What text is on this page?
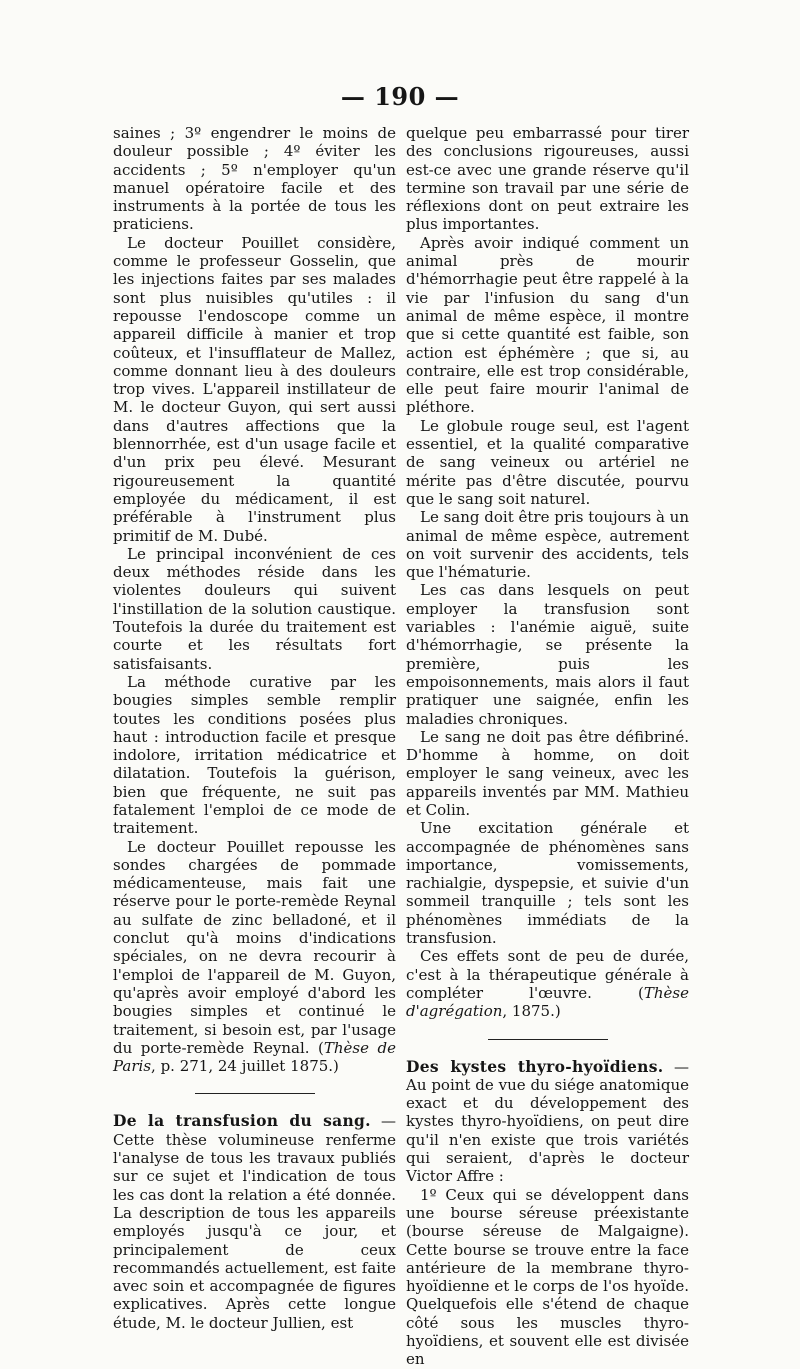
— 190 —

saines ; 3º engendrer le moins de douleur possible ; 4º éviter les accidents ; 5º n'employer qu'un manuel opératoire facile et des instruments à la portée de tous les praticiens.

Le docteur Pouillet considère, comme le professeur Gosselin, que les injections faites par ses malades sont plus nuisibles qu'utiles : il repousse l'endoscope comme un appareil difficile à manier et trop coûteux, et l'insufflateur de Mallez, comme donnant lieu à des douleurs trop vives. L'appareil instillateur de M. le docteur Guyon, qui sert aussi dans d'autres affections que la blennorrhée, est d'un usage facile et d'un prix peu élevé. Mesurant rigoureusement la quantité employée du médicament, il est préférable à l'instrument plus primitif de M. Dubé.

Le principal inconvénient de ces deux méthodes réside dans les violentes douleurs qui suivent l'instillation de la solution caustique. Toutefois la durée du traitement est courte et les résultats fort satisfaisants.

La méthode curative par les bougies simples semble remplir toutes les conditions posées plus haut : introduction facile et presque indolore, irritation médicatrice et dilatation. Toutefois la guérison, bien que fréquente, ne suit pas fatalement l'emploi de ce mode de traitement.

Le docteur Pouillet repousse les sondes chargées de pommade médicamenteuse, mais fait une réserve pour le porte-remède Reynal au sulfate de zinc belladoné, et il conclut qu'à moins d'indications spéciales, on ne devra recourir à l'emploi de l'appareil de M. Guyon, qu'après avoir employé d'abord les bougies simples et continué le traitement, si besoin est, par l'usage du porte-remède Reynal. (Thèse de Paris, p. 271, 24 juillet 1875.)

De la transfusion du sang. — Cette thèse volumineuse renferme l'analyse de tous les travaux publiés sur ce sujet et l'indication de tous les cas dont la relation a été donnée. La description de tous les appareils employés jusqu'à ce jour, et principalement de ceux recommandés actuellement, est faite avec soin et accompagnée de figures explicatives. Après cette longue étude, M. le docteur Jullien, est

quelque peu embarrassé pour tirer des conclusions rigoureuses, aussi est-ce avec une grande réserve qu'il termine son travail par une série de réflexions dont on peut extraire les plus importantes.

Après avoir indiqué comment un animal près de mourir d'hémorrhagie peut être rappelé à la vie par l'infusion du sang d'un animal de même espèce, il montre que si cette quantité est faible, son action est éphémère ; que si, au contraire, elle est trop considérable, elle peut faire mourir l'animal de pléthore.

Le globule rouge seul, est l'agent essentiel, et la qualité comparative de sang veineux ou artériel ne mérite pas d'être discutée, pourvu que le sang soit naturel.

Le sang doit être pris toujours à un animal de même espèce, autrement on voit survenir des accidents, tels que l'hématurie.

Les cas dans lesquels on peut employer la transfusion sont variables : l'anémie aiguë, suite d'hémorrhagie, se présente la première, puis les empoisonnements, mais alors il faut pratiquer une saignée, enfin les maladies chroniques.

Le sang ne doit pas être défibriné. D'homme à homme, on doit employer le sang veineux, avec les appareils inventés par MM. Mathieu et Colin.

Une excitation générale et accompagnée de phénomènes sans importance, vomissements, rachialgie, dyspepsie, et suivie d'un sommeil tranquille ; tels sont les phénomènes immédiats de la transfusion.

Ces effets sont de peu de durée, c'est à la thérapeutique générale à compléter l'œuvre. (Thèse d'agrégation, 1875.)

Des kystes thyro-hyoïdiens. — Au point de vue du siége anatomique exact et du développement des kystes thyro-hyoïdiens, on peut dire qu'il n'en existe que trois variétés qui seraient, d'après le docteur Victor Affre :

1º Ceux qui se développent dans une bourse séreuse préexistante (bourse séreuse de Malgaigne). Cette bourse se trouve entre la face antérieure de la membrane thyro-hyoïdienne et le corps de l'os hyoïde. Quelquefois elle s'étend de chaque côté sous les muscles thyro-hyoïdiens, et souvent elle est divisée en
